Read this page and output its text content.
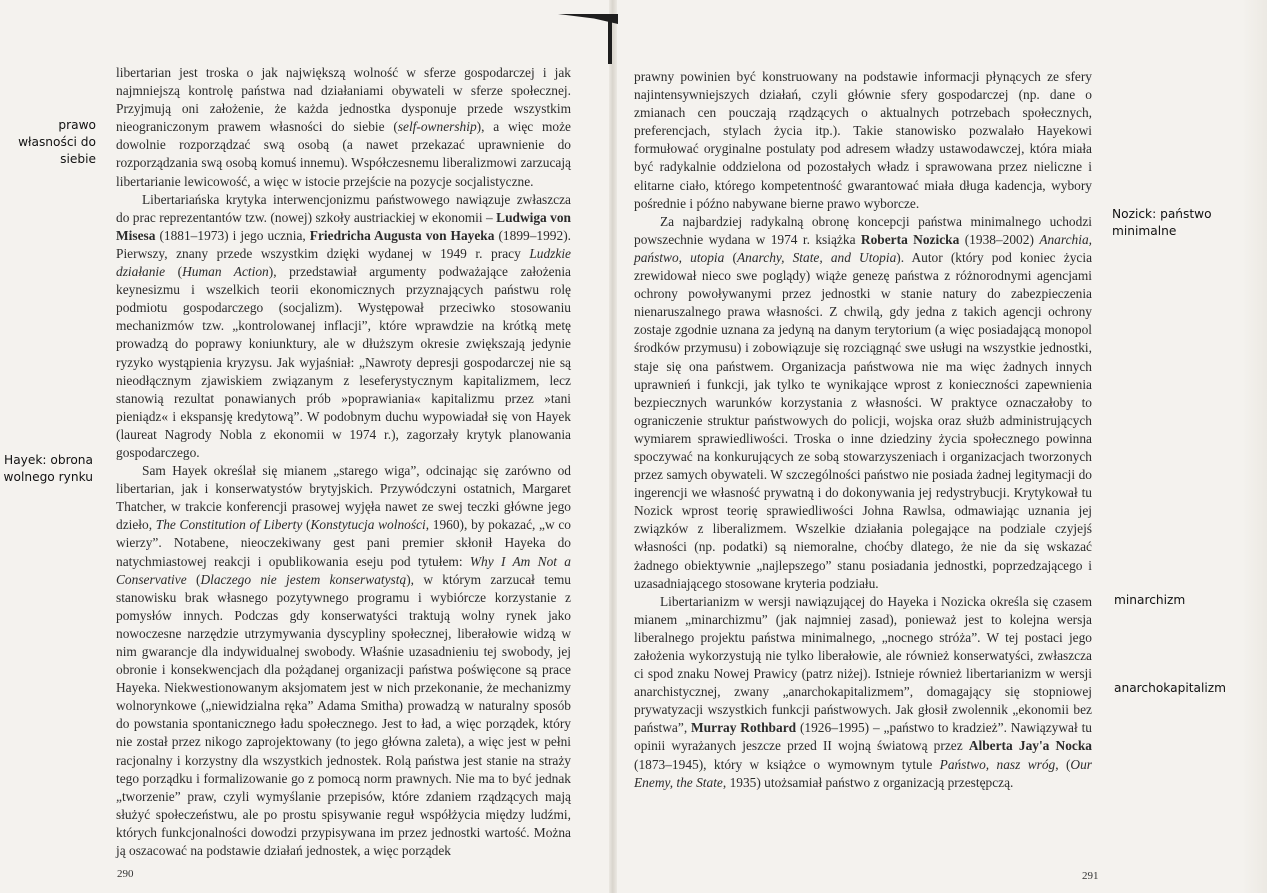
prawo własności do siebie
Hayek: obrona wolnego rynku

libertarian jest troska o jak największą wolność w sferze gospodarczej i jak najmniejszą kontrolę państwa nad działaniami obywateli w sferze społecznej. Przyjmują oni założenie, że każda jednostka dysponuje przede wszystkim nieograniczonym prawem własności do siebie (self-ownership), a więc może dowolnie rozporządzać swą osobą (a nawet przekazać uprawnienie do rozporządzania swą osobą komuś innemu). Współczesnemu liberalizmowi zarzucają libertarianie lewicowość, a więc w istocie przejście na pozycje socjalistyczne.

Libertariańska krytyka interwencjonizmu państwowego nawiązuje zwłaszcza do prac reprezentantów tzw. (nowej) szkoły austriackiej w ekonomii – Ludwiga von Misesa (1881–1973) i jego ucznia, Friedricha Augusta von Hayeka (1899–1992). Pierwszy, znany przede wszystkim dzięki wydanej w 1949 r. pracy Ludzkie działanie (Human Action), przedstawiał argumenty podważające założenia keynesizmu i wszelkich teorii ekonomicznych przyznających państwu rolę podmiotu gospodarczego (socjalizm). Występował przeciwko stosowaniu mechanizmów tzw. „kontrolowanej inflacji”, które wprawdzie na krótką metę prowadzą do poprawy koniunktury, ale w dłuższym okresie zwiększają jedynie ryzyko wystąpienia kryzysu. Jak wyjaśniał: „Nawroty depresji gospodarczej nie są nieodłącznym zjawiskiem związanym z leseferystycznym kapitalizmem, lecz stanowią rezultat ponawianych prób »poprawiania« kapitalizmu przez »tani pieniądz« i ekspansję kredytową”. W podobnym duchu wypowiadał się von Hayek (laureat Nagrody Nobla z ekonomii w 1974 r.), zagorzały krytyk planowania gospodarczego.

Sam Hayek określał się mianem „starego wiga”, odcinając się zarówno od libertarian, jak i konserwatystów brytyjskich. Przywódczyni ostatnich, Margaret Thatcher, w trakcie konferencji prasowej wyjęła nawet ze swej teczki główne jego dzieło, The Constitution of Liberty (Konstytucja wolności, 1960), by pokazać, „w co wierzy”. Notabene, nieoczekiwany gest pani premier skłonił Hayeka do natychmiastowej reakcji i opublikowania eseju pod tytułem: Why I Am Not a Conservative (Dlaczego nie jestem konserwatystą), w którym zarzucał temu stanowisku brak własnego pozytywnego programu i wybiórcze korzystanie z pomysłów innych. Podczas gdy konserwatyści traktują wolny rynek jako nowoczesne narzędzie utrzymywania dyscypliny społecznej, liberałowie widzą w nim gwarancje dla indywidualnej swobody. Właśnie uzasadnieniu tej swobody, jej obronie i konsekwencjach dla pożądanej organizacji państwa poświęcone są prace Hayeka. Niekwestionowanym aksjomatem jest w nich przekonanie, że mechanizmy wolnorynkowe („niewidzialna ręka” Adama Smitha) prowadzą w naturalny sposób do powstania spontanicznego ładu społecznego. Jest to ład, a więc porządek, który nie został przez nikogo zaprojektowany (to jego główna zaleta), a więc jest w pełni racjonalny i korzystny dla wszystkich jednostek. Rolą państwa jest stanie na straży tego porządku i formalizowanie go z pomocą norm prawnych. Nie ma to być jednak „tworzenie” praw, czyli wymyślanie przepisów, które zdaniem rządzących mają służyć społeczeństwu, ale po prostu spisywanie reguł współżycia między ludźmi, których funkcjonalności dowodzi przypisywana im przez jednostki wartość. Można ją oszacować na podstawie działań jednostek, a więc porządek

290

prawny powinien być konstruowany na podstawie informacji płynących ze sfery najintensywniejszych działań, czyli głównie sfery gospodarczej (np. dane o zmianach cen pouczają rządzących o aktualnych potrzebach społecznych, preferencjach, stylach życia itp.). Takie stanowisko pozwalało Hayekowi formułować oryginalne postulaty pod adresem władzy ustawodawczej, która miała być radykalnie oddzielona od pozostałych władz i sprawowana przez nieliczne i elitarne ciało, którego kompetentność gwarantować miała długa kadencja, wybory pośrednie i późno nabywane bierne prawo wyborcze.

Za najbardziej radykalną obronę koncepcji państwa minimalnego uchodzi powszechnie wydana w 1974 r. książka Roberta Nozicka (1938–2002) Anarchia, państwo, utopia (Anarchy, State, and Utopia). Autor (który pod koniec życia zrewidował nieco swe poglądy) wiąże genezę państwa z różnorodnymi agencjami ochrony powoływanymi przez jednostki w stanie natury do zabezpieczenia nienaruszalnego prawa własności. Z chwilą, gdy jedna z takich agencji ochrony zostaje zgodnie uznana za jedyną na danym terytorium (a więc posiadającą monopol środków przymusu) i zobowiązuje się rozciągnąć swe usługi na wszystkie jednostki, staje się ona państwem. Organizacja państwowa nie ma więc żadnych innych uprawnień i funkcji, jak tylko te wynikające wprost z konieczności zapewnienia bezpiecznych warunków korzystania z własności. W praktyce oznaczałoby to ograniczenie struktur państwowych do policji, wojska oraz służb administrujących wymiarem sprawiedliwości. Troska o inne dziedziny życia społecznego powinna spoczywać na konkurujących ze sobą stowarzyszeniach i organizacjach tworzonych przez samych obywateli. W szczególności państwo nie posiada żadnej legitymacji do ingerencji we własność prywatną i do dokonywania jej redystrybucji. Krytykował tu Nozick wprost teorię sprawiedliwości Johna Rawlsa, odmawiając uznania jej związków z liberalizmem. Wszelkie działania polegające na podziale czyjejś własności (np. podatki) są niemoralne, choćby dlatego, że nie da się wskazać żadnego obiektywnie „najlepszego” stanu posiadania jednostki, poprzedzającego i uzasadniającego stosowane kryteria podziału.

Libertarianizm w wersji nawiązującej do Hayeka i Nozicka określa się czasem mianem „minarchizmu” (jak najmniej zasad), ponieważ jest to kolejna wersja liberalnego projektu państwa minimalnego, „nocnego stróża”. W tej postaci jego założenia wykorzystują nie tylko liberałowie, ale również konserwatyści, zwłaszcza ci spod znaku Nowej Prawicy (patrz niżej). Istnieje również libertarianizm w wersji anarchistycznej, zwany „anarchokapitalizmem”, domagający się stopniowej prywatyzacji wszystkich funkcji państwowych. Jak głosił zwolennik „ekonomii bez państwa”, Murray Rothbard (1926–1995) – „państwo to kradzież”. Nawiązywał tu opinii wyrażanych jeszcze przed II wojną światową przez Alberta Jay'a Nocka (1873–1945), który w książce o wymownym tytule Państwo, nasz wróg, (Our Enemy, the State, 1935) utożsamiał państwo z organizacją przestępczą.

Nozick: państwo minimalne
minarchizm
anarchokapitalizm
291
